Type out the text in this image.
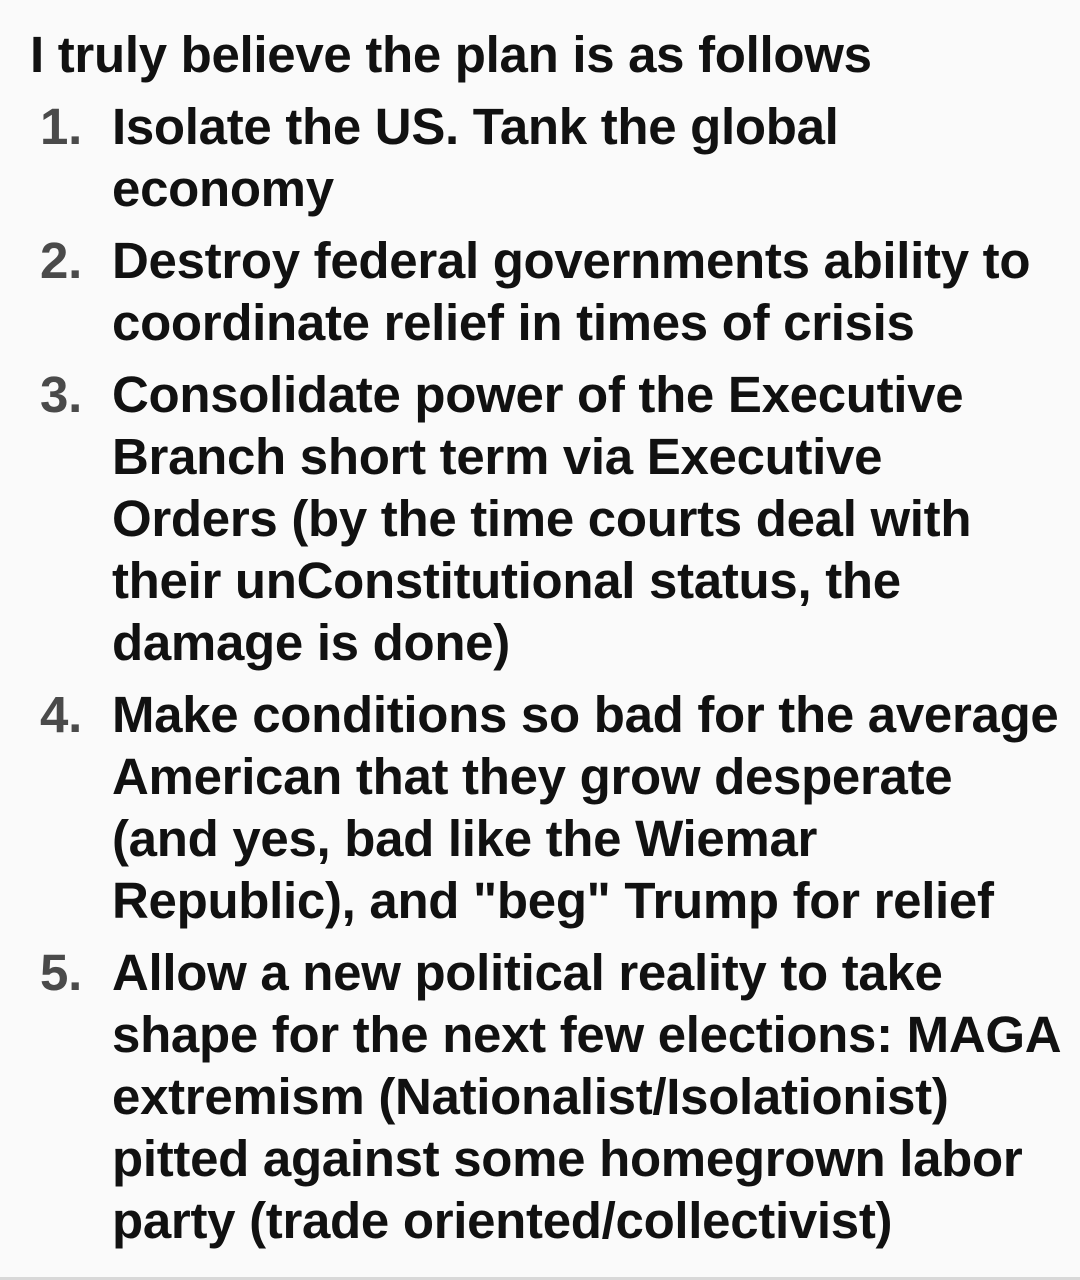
I truly believe the plan is as follows

1. Isolate the US. Tank the global economy
2. Destroy federal governments ability to coordinate relief in times of crisis
3. Consolidate power of the Executive Branch short term via Executive Orders (by the time courts deal with their unConstitutional status, the damage is done)
4. Make conditions so bad for the average American that they grow desperate (and yes, bad like the Wiemar Republic), and "beg" Trump for relief
5. Allow a new political reality to take shape for the next few elections: MAGA extremism (Nationalist/Isolationist) pitted against some homegrown labor party (trade oriented/collectivist)
